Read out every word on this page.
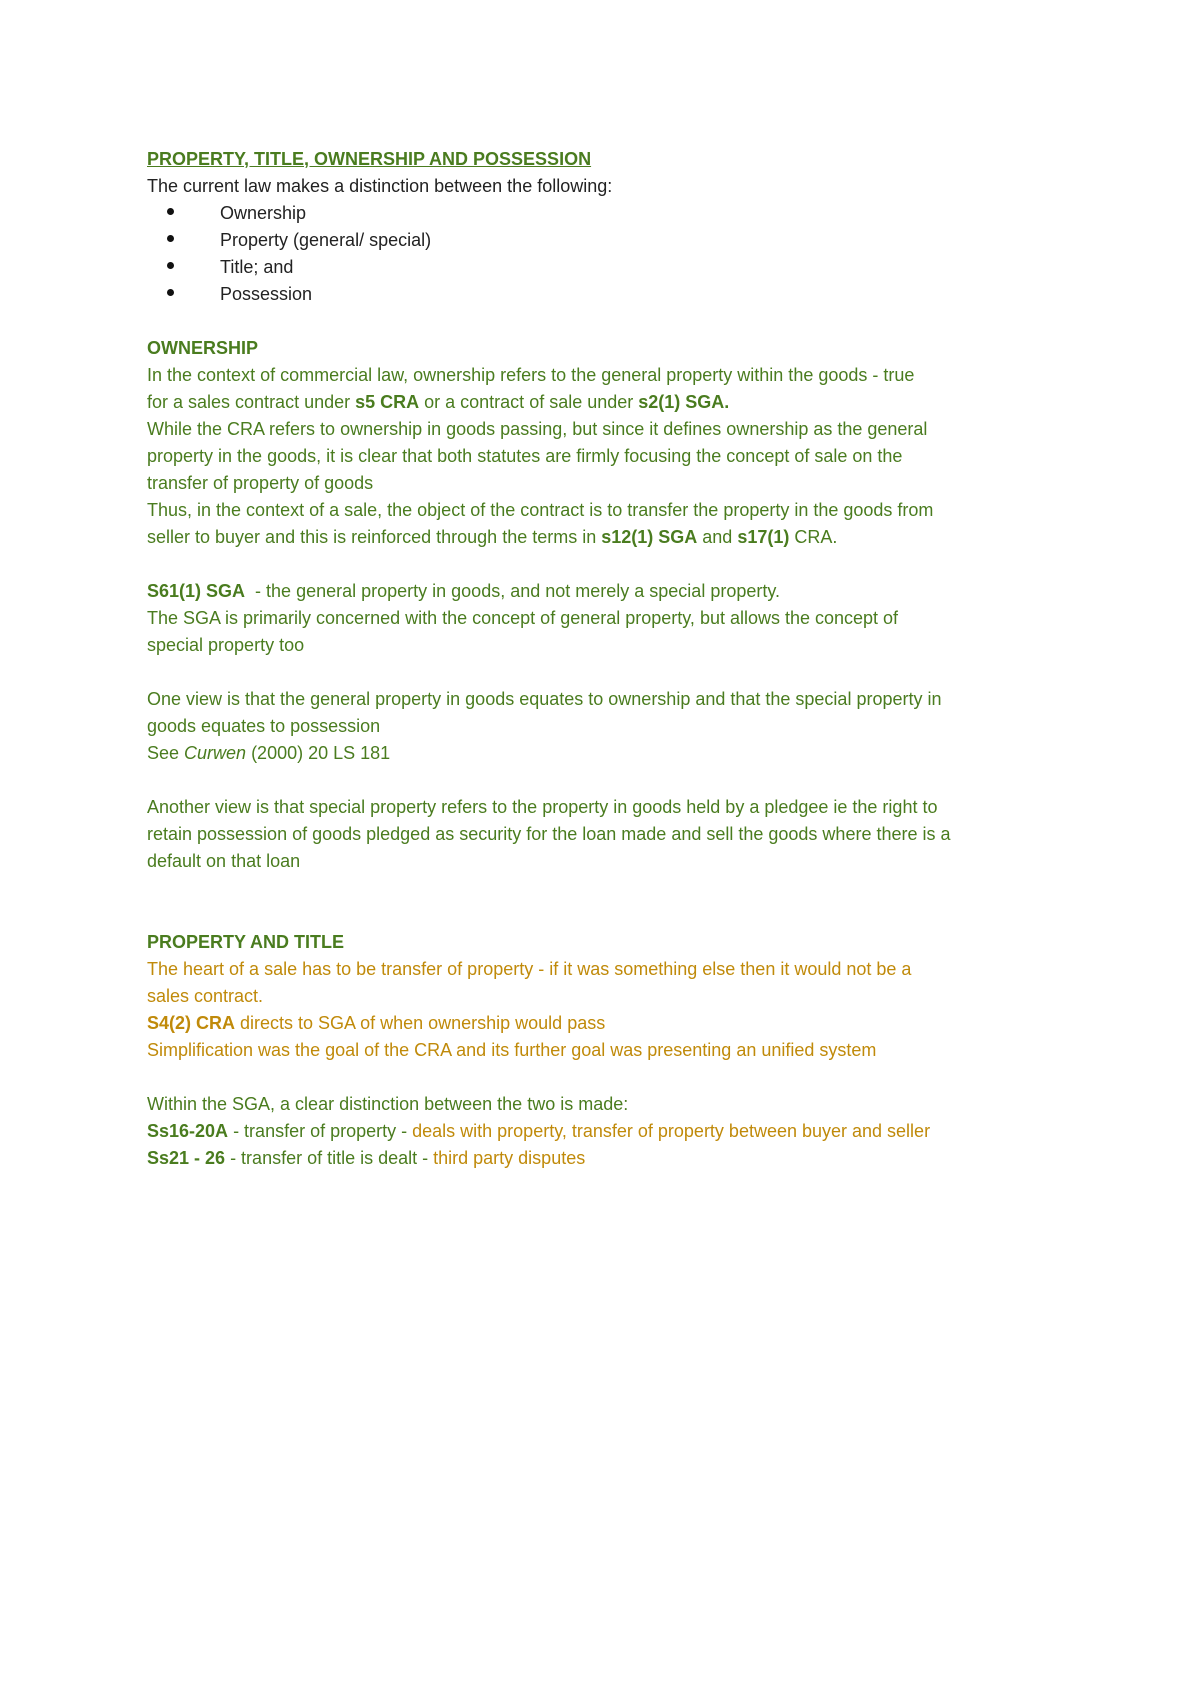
PROPERTY, TITLE, OWNERSHIP AND POSSESSION

The current law makes a distinction between the following:

Ownership
Property (general/ special)
Title; and
Possession

OWNERSHIP

In the context of commercial law, ownership refers to the general property within the goods - true

for a sales contract under s5 CRA or a contract of sale under s2(1) SGA.

While the CRA refers to ownership in goods passing, but since it defines ownership as the general

property in the goods, it is clear that both statutes are firmly focusing the concept of sale on the

transfer of property of goods

Thus, in the context of a sale, the object of the contract is to transfer the property in the goods from

seller to buyer and this is reinforced through the terms in s12(1) SGA and s17(1) CRA.

S61(1) SGA  - the general property in goods, and not merely a special property.

The SGA is primarily concerned with the concept of general property, but allows the concept of

special property too

One view is that the general property in goods equates to ownership and that the special property in

goods equates to possession

See Curwen (2000) 20 LS 181

Another view is that special property refers to the property in goods held by a pledgee ie the right to

retain possession of goods pledged as security for the loan made and sell the goods where there is a

default on that loan

PROPERTY AND TITLE

The heart of a sale has to be transfer of property - if it was something else then it would not be a

sales contract.

S4(2) CRA directs to SGA of when ownership would pass

Simplification was the goal of the CRA and its further goal was presenting an unified system

Within the SGA, a clear distinction between the two is made:

Ss16-20A - transfer of property - deals with property, transfer of property between buyer and seller

Ss21 - 26 - transfer of title is dealt - third party disputes
